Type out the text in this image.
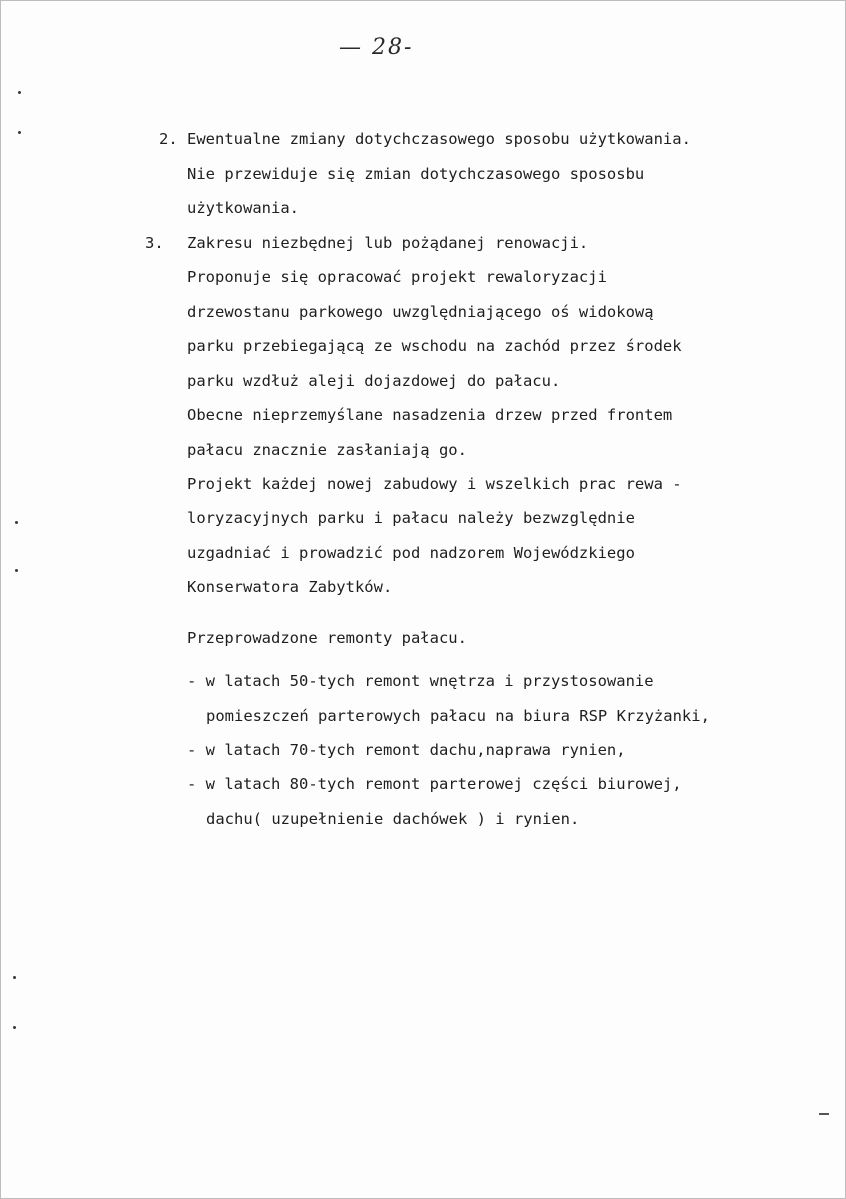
— 28-
2. Ewentualne zmiany dotychczasowego sposobu użytkowania.
Nie przewiduje się zmian dotychczasowego spososbu
użytkowania.
3. Zakresu niezbędnej lub pożądanej renowacji.
Proponuje się opracować projekt rewaloryzacji
drzewostanu parkowego uwzględniającego oś widokową
parku przebiegającą ze wschodu na zachód przez środek
parku wzdłuż aleji dojazdowej do pałacu.
Obecne nieprzemyślane nasadzenia drzew przed frontem
pałacu znacznie zasłaniają go.
Projekt każdej nowej zabudowy i wszelkich prac rewa -
loryzacyjnych parku i pałacu należy bezwzględnie
uzgadniać i prowadzić pod nadzorem Wojewódzkiego
Konserwatora Zabytków.
Przeprowadzone remonty pałacu.
- w latach 50-tych remont wnętrza i przystosowanie
pomieszczeń parterowych pałacu na biura RSP Krzyżanki,
- w latach 70-tych remont dachu,naprawa rynien,
- w latach 80-tych remont parterowej części biurowej,
dachu( uzupełnienie dachówek ) i rynien.
